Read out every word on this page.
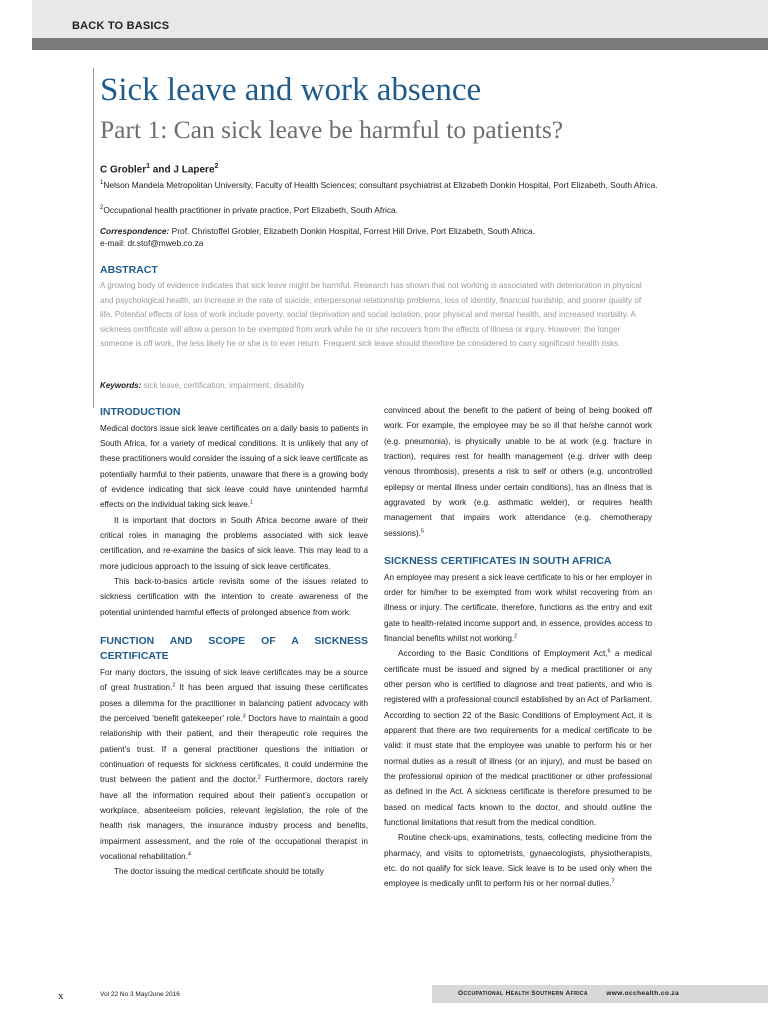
BACK TO BASICS
Sick leave and work absence
Part 1: Can sick leave be harmful to patients?
C Grobler$^1$ and J Lapere$^2$
$^1$Nelson Mandela Metropolitan University, Faculty of Health Sciences; consultant psychiatrist at Elizabeth Donkin Hospital, Port Elizabeth, South Africa.
$^2$Occupational health practitioner in private practice, Port Elizabeth, South Africa.
Correspondence: Prof. Christoffel Grobler, Elizabeth Donkin Hospital, Forrest Hill Drive, Port Elizabeth, South Africa.
e-mail: dr.stof@mweb.co.za
ABSTRACT
A growing body of evidence indicates that sick leave might be harmful. Research has shown that not working is associated with deterioration in physical and psychological health, an increase in the rate of suicide, interpersonal relationship problems, loss of identity, financial hardship, and poorer quality of life. Potential effects of loss of work include poverty, social deprivation and social isolation, poor physical and mental health, and increased mortality. A sickness certificate will allow a person to be exempted from work while he or she recovers from the effects of illness or injury. However, the longer someone is off work, the less likely he or she is to ever return. Frequent sick leave should therefore be considered to carry significant health risks.
Keywords: sick leave, certification, impairment, disability
INTRODUCTION

Medical doctors issue sick leave certificates on a daily basis to patients in South Africa, for a variety of medical conditions. It is unlikely that any of these practitioners would consider the issuing of a sick leave certificate as potentially harmful to their patients, unaware that there is a growing body of evidence indicating that sick leave could have unintended harmful effects on the individual taking sick leave.$^1$

It is important that doctors in South Africa become aware of their critical roles in managing the problems associated with sick leave certification, and re-examine the basics of sick leave. This may lead to a more judicious approach to the issuing of sick leave certificates.

This back-to-basics article revisits some of the issues related to sickness certification with the intention to create awareness of the potential unintended harmful effects of prolonged absence from work.

FUNCTION AND SCOPE OF A SICKNESS CERTIFICATE

For many doctors, the issuing of sick leave certificates may be a source of great frustration.$^2$ It has been argued that issuing these certificates poses a dilemma for the practitioner in balancing patient advocacy with the perceived ‘benefit gatekeeper’ role.$^3$ Doctors have to maintain a good relationship with their patient, and their therapeutic role requires the patient’s trust. If a general practitioner questions the initiation or continuation of requests for sickness certificates, it could undermine the trust between the patient and the doctor.$^2$ Furthermore, doctors rarely have all the information required about their patient’s occupation or workplace, absenteeism policies, relevant legislation, the role of the health risk managers, the insurance industry process and benefits, impairment assessment, and the role of the occupational therapist in vocational rehabilitation.$^4$

The doctor issuing the medical certificate should be totally

convinced about the benefit to the patient of being of being booked off work. For example, the employee may be so ill that he/she cannot work (e.g. pneumonia), is physically unable to be at work (e.g. fracture in traction), requires rest for health management (e.g. driver with deep venous thrombosis), presents a risk to self or others (e.g. uncontrolled epilepsy or mental illness under certain conditions), has an illness that is aggravated by work (e.g. asthmatic welder), or requires health management that impairs work attendance (e.g. chemotherapy sessions).$^5$

SICKNESS CERTIFICATES IN SOUTH AFRICA

An employee may present a sick leave certificate to his or her employer in order for him/her to be exempted from work whilst recovering from an illness or injury. The certificate, therefore, functions as the entry and exit gate to health-related income support and, in essence, provides access to financial benefits whilst not working.$^2$

According to the Basic Conditions of Employment Act,$^6$ a medical certificate must be issued and signed by a medical practitioner or any other person who is certified to diagnose and treat patients, and who is registered with a professional council established by an Act of Parliament. According to section 22 of the Basic Conditions of Employment Act, it is apparent that there are two requirements for a medical certificate to be valid: it must state that the employee was unable to perform his or her normal duties as a result of illness (or an injury), and must be based on the professional opinion of the medical practitioner or other professional as defined in the Act. A sickness certificate is therefore presumed to be based on medical facts known to the doctor, and should outline the functional limitations that result from the medical condition.

Routine check-ups, examinations, tests, collecting medicine from the pharmacy, and visits to optometrists, gynaecologists, physiotherapists, etc. do not qualify for sick leave. Sick leave is to be used only when the employee is medically unfit to perform his or her normal duties.$^7$

x	Vol 22 No 3 May/June 2016	Occupational Health Southern Africa	www.occhealth.co.za
